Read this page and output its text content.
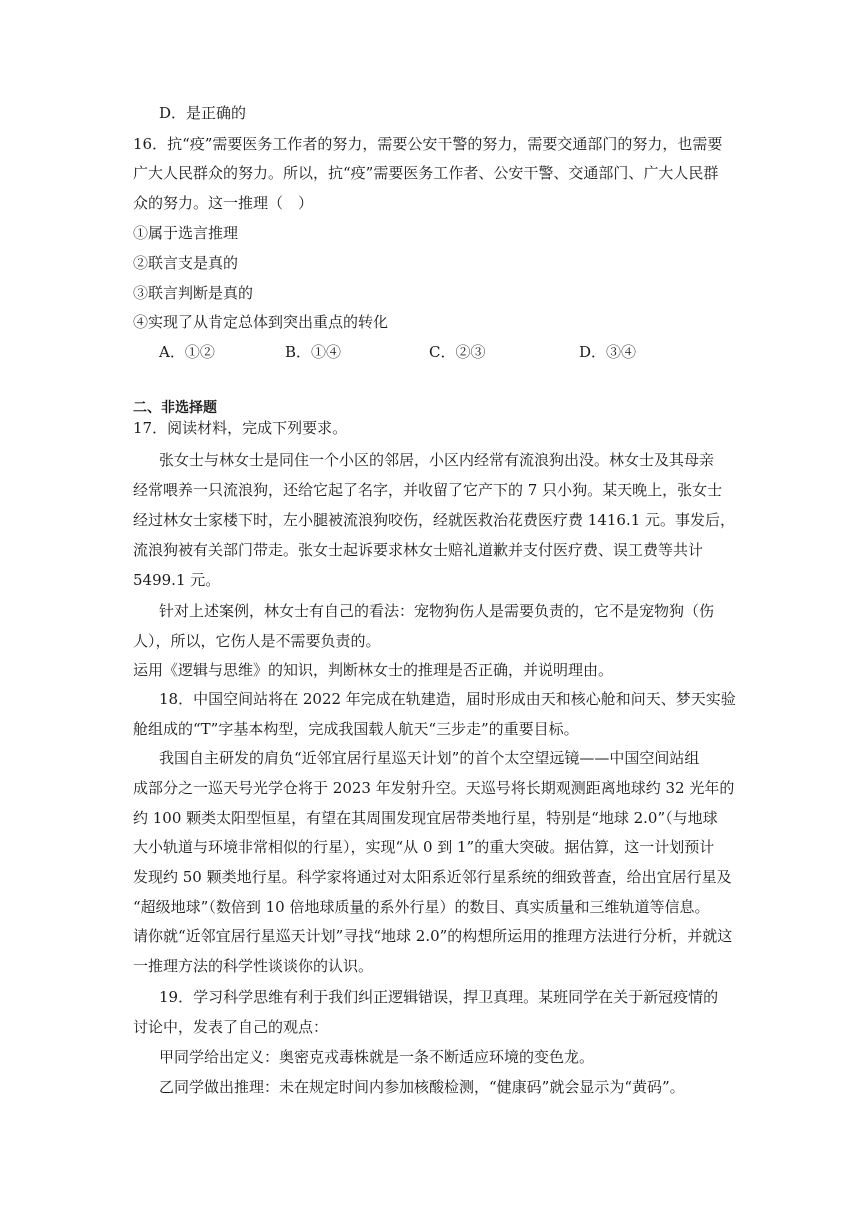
D．是正确的
16．抗“疫”需要医务工作者的努力，需要公安干警的努力，需要交通部门的努力，也需要
广大人民群众的努力。所以，抗“疫”需要医务工作者、公安干警、交通部门、广大人民群
众的努力。这一推理（　）
①属于选言推理
②联言支是真的
③联言判断是真的
④实现了从肯定总体到突出重点的转化
A．①②	B．①④	C．②③	D．③④
二、非选择题
17．阅读材料，完成下列要求。
张女士与林女士是同住一个小区的邻居，小区内经常有流浪狗出没。林女士及其母亲
经常喂养一只流浪狗，还给它起了名字，并收留了它产下的 7 只小狗。某天晚上，张女士
经过林女士家楼下时，左小腿被流浪狗咬伤，经就医救治花费医疗费 1416.1 元。事发后，
流浪狗被有关部门带走。张女士起诉要求林女士赔礼道歉并支付医疗费、误工费等共计
5499.1 元。
针对上述案例，林女士有自己的看法：宠物狗伤人是需要负责的，它不是宠物狗（伤
人），所以，它伤人是不需要负责的。
运用《逻辑与思维》的知识，判断林女士的推理是否正确，并说明理由。
18．中国空间站将在 2022 年完成在轨建造，届时形成由天和核心舱和问天、梦天实验
舱组成的“T”字基本构型，完成我国载人航天“三步走”的重要目标。
我国自主研发的肩负“近邻宜居行星巡天计划”的首个太空望远镜——中国空间站组
成部分之一巡天号光学仓将于 2023 年发射升空。天巡号将长期观测距离地球约 32 光年的
约 100 颗类太阳型恒星，有望在其周围发现宜居带类地行星，特别是“地球 2.0”（与地球
大小轨道与环境非常相似的行星），实现“从 0 到 1”的重大突破。据估算，这一计划预计
发现约 50 颗类地行星。科学家将通过对太阳系近邻行星系统的细致普查，给出宜居行星及
“超级地球”（数倍到 10 倍地球质量的系外行星）的数目、真实质量和三维轨道等信息。
请你就“近邻宜居行星巡天计划”寻找“地球 2.0”的构想所运用的推理方法进行分析，并就这
一推理方法的科学性谈谈你的认识。
19．学习科学思维有利于我们纠正逻辑错误，捍卫真理。某班同学在关于新冠疫情的
讨论中，发表了自己的观点：
甲同学给出定义：奥密克戎毒株就是一条不断适应环境的变色龙。
乙同学做出推理：未在规定时间内参加核酸检测，“健康码”就会显示为“黄码”。
